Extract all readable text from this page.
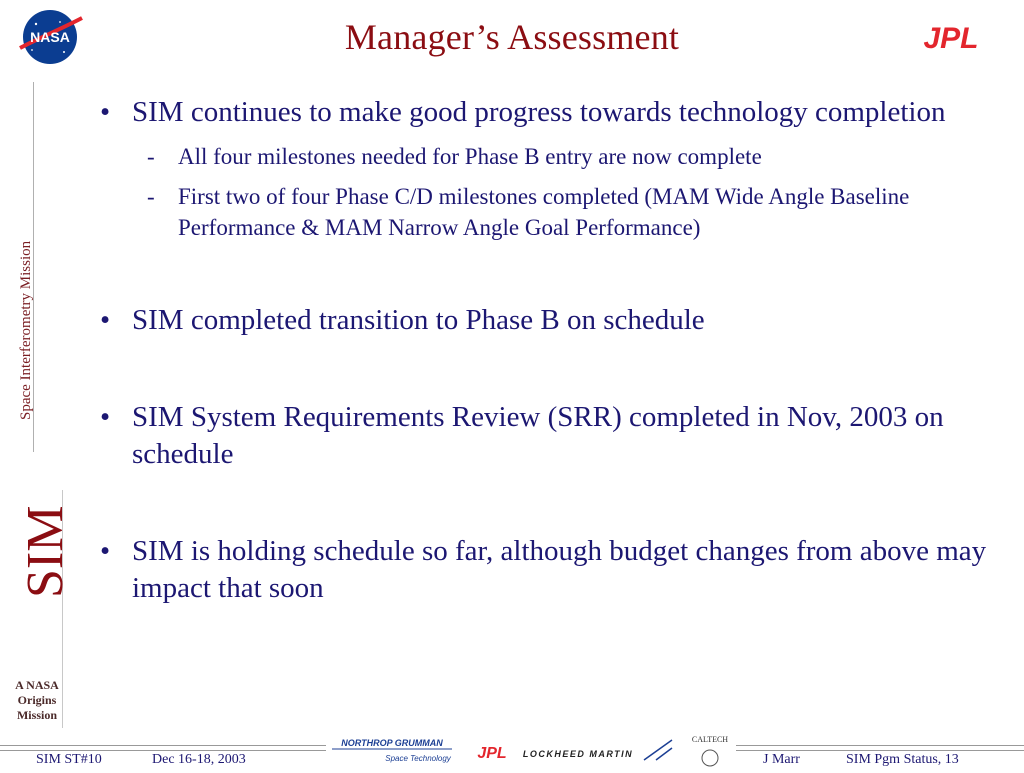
NASA	Manager’s Assessment	JPL
Space Interferometry Mission
SIM
A NASA
Origins
Mission
• SIM continues to make good progress towards technology completion
- All four milestones needed for Phase B entry are now complete
- First two of four Phase C/D milestones completed (MAM Wide Angle Baseline Performance & MAM Narrow Angle Goal Performance)
• SIM completed transition to Phase B on schedule
• SIM System Requirements Review (SRR) completed in Nov, 2003 on schedule
• SIM is holding schedule so far, although budget changes from above may impact that soon
SIM ST#10	Dec 16-18, 2003	J Marr	SIM Pgm Status, 13
NORTHROP GRUMMAN
Space Technology JPL LOCKHEED MARTIN
CALTECH
